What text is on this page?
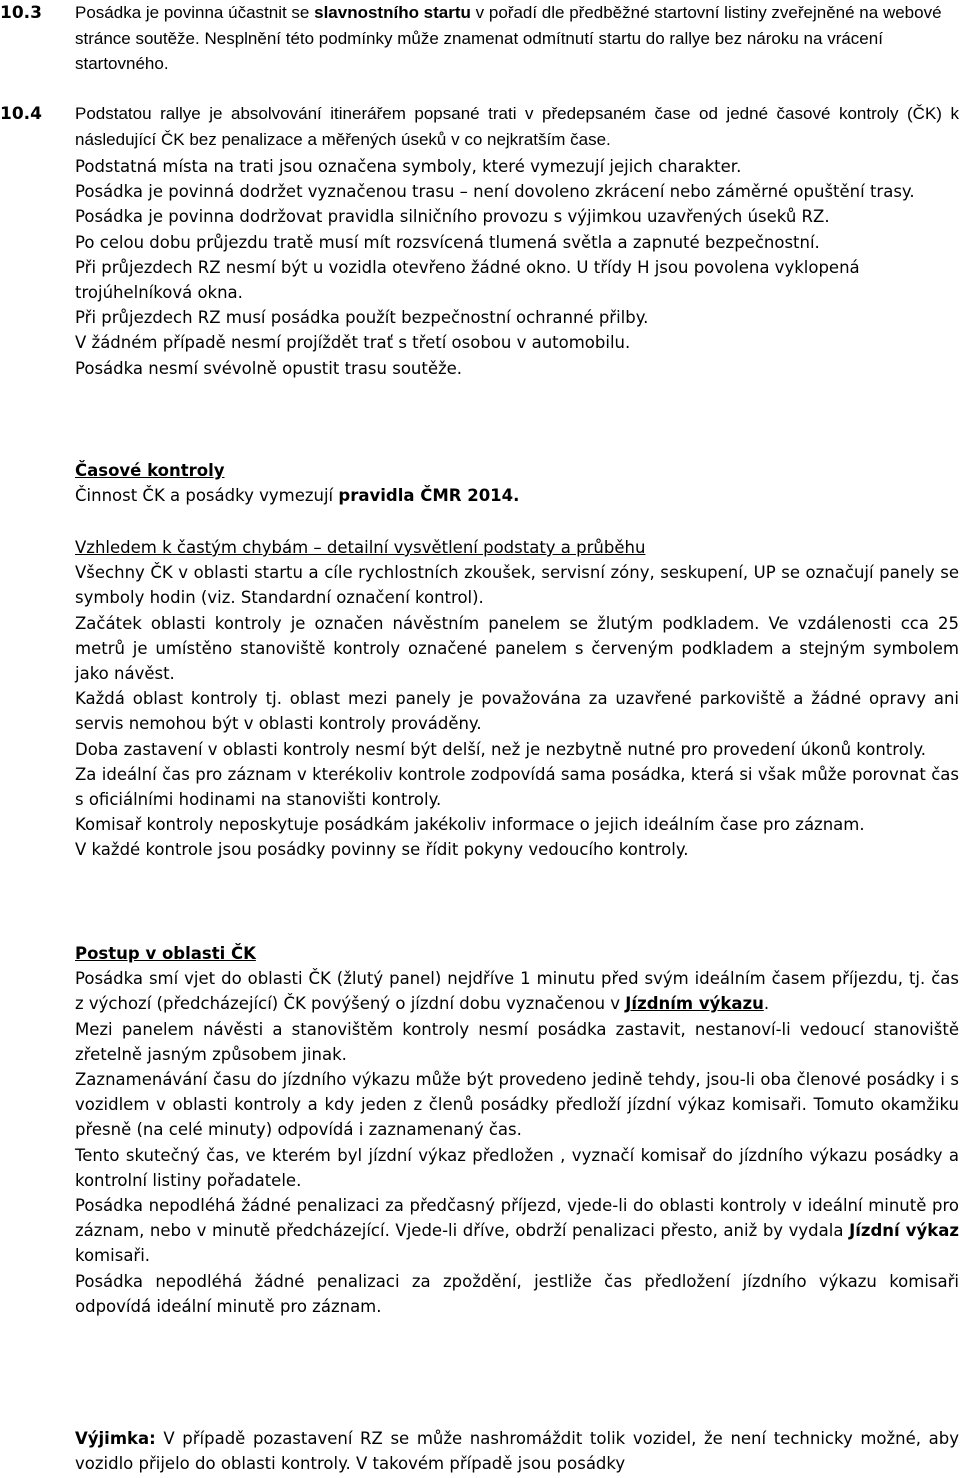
10.3 Posádka je povinna účastnit se slavnostního startu v pořadí dle předběžné startovní listiny zveřejněné na webové stránce soutěže. Nesplnění této podmínky může znamenat odmítnutí startu do rallye bez nároku na vrácení startovného.

10.4 Podstatou rallye je absolvování itinerářem popsané trati v předepsaném čase od jedné časové kontroly (ČK) k následující ČK bez penalizace a měřených úseků v co nejkratším čase.

Podstatná místa na trati jsou označena symboly, které vymezují jejich charakter.

Posádka je povinná dodržet vyznačenou trasu – není dovoleno zkrácení nebo záměrné opuštění trasy.

Posádka je povinna dodržovat pravidla silničního provozu s výjimkou uzavřených úseků RZ.

Po celou dobu průjezdu tratě musí mít rozsvícená tlumená světla a zapnuté bezpečnostní.

Při průjezdech RZ nesmí být u vozidla otevřeno žádné okno. U třídy H jsou povolena vyklopená trojúhelníková okna.

Při průjezdech RZ musí posádka použít bezpečnostní ochranné přilby.

V žádném případě nesmí projíždět trať s třetí osobou v automobilu.

Posádka nesmí svévolně opustit trasu soutěže.

Časové kontroly

Činnost ČK a posádky vymezují pravidla ČMR 2014.

Vzhledem k častým chybám – detailní vysvětlení podstaty a průběhu

Všechny ČK v oblasti startu a cíle rychlostních zkoušek, servisní zóny, seskupení, UP se označují panely se symboly hodin (viz. Standardní označení kontrol).

Začátek oblasti kontroly je označen návěstním panelem se žlutým podkladem. Ve vzdálenosti cca 25 metrů je umístěno stanoviště kontroly označené panelem s červeným podkladem a stejným symbolem jako návěst.

Každá oblast kontroly tj. oblast mezi panely je považována za uzavřené parkoviště a žádné opravy ani servis nemohou být v oblasti kontroly prováděny.

Doba zastavení v oblasti kontroly nesmí být delší, než je nezbytně nutné pro provedení úkonů kontroly.

Za ideální čas pro záznam v kterékoliv kontrole zodpovídá sama posádka, která si však může porovnat čas s oficiálními hodinami na stanovišti kontroly.

Komisař kontroly neposkytuje posádkám jakékoliv informace o jejich ideálním čase pro záznam.

V každé kontrole jsou posádky povinny se řídit pokyny vedoucího kontroly.

Postup v oblasti ČK

Posádka smí vjet do oblasti ČK (žlutý panel) nejdříve 1 minutu před svým ideálním časem příjezdu, tj. čas z výchozí (předcházející) ČK povýšený o jízdní dobu vyznačenou v Jízdním výkazu.

Mezi panelem návěsti a stanovištěm kontroly nesmí posádka zastavit, nestanoví-li vedoucí stanoviště zřetelně jasným způsobem jinak.

Zaznamenávání času do jízdního výkazu může být provedeno jedině tehdy, jsou-li oba členové posádky i s vozidlem v oblasti kontroly a kdy jeden z členů posádky předloží jízdní výkaz komisaři. Tomuto okamžiku přesně (na celé minuty) odpovídá i zaznamenaný čas.

Tento skutečný čas, ve kterém byl jízdní výkaz předložen , vyznačí komisař do jízdního výkazu posádky a kontrolní listiny pořadatele.

Posádka nepodléhá žádné penalizaci za předčasný příjezd, vjede-li do oblasti kontroly v ideální minutě pro záznam, nebo v minutě předcházející. Vjede-li dříve, obdrží penalizaci přesto, aniž by vydala Jízdní výkaz komisaři.

Posádka nepodléhá žádné penalizaci za zpoždění, jestliže čas předložení jízdního výkazu komisaři odpovídá ideální minutě pro záznam.

Výjimka: V případě pozastavení RZ se může nashromáždit tolik vozidel, že není technicky možné, aby vozidlo přijelo do oblasti kontroly. V takovém případě jsou posádky
